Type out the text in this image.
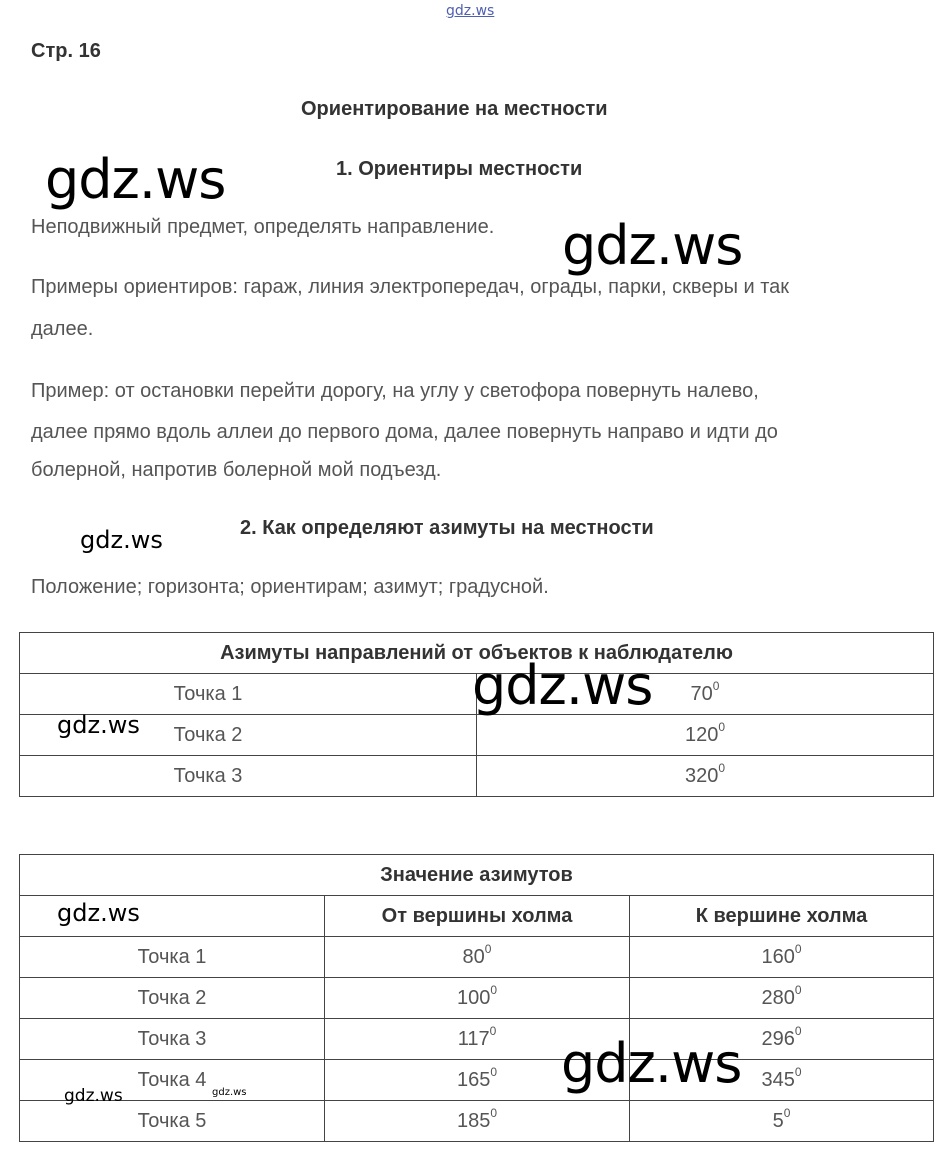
gdz.ws
Стр. 16
Ориентирование на местности
1. Ориентиры местности
Неподвижный предмет, определять направление.
Примеры ориентиров: гараж, линия электропередач, ограды, парки, скверы и так
далее.
Пример: от остановки перейти дорогу, на углу у светофора повернуть налево,
далее прямо вдоль аллеи до первого дома, далее повернуть направо и идти до
болерной, напротив болерной мой подъезд.
2. Как определяют азимуты на местности
Положение; горизонта; ориентирам; азимут; градусной.
Азимуты направлений от объектов к наблюдателю	
Точка 1	$70^0$
Точка 2	$120^0$
Точка 3	$320^0$
Значение азимутов		
	От вершины холма	К вершине холма
Точка 1	$80^0$	$160^0$
Точка 2	$100^0$	$280^0$
Точка 3	$117^0$	$296^0$
Точка 4	$165^0$	$345^0$
Точка 5	$185^0$	$5^0$
gdz.ws
gdz.ws
gdz.ws
gdz.ws
gdz.ws
gdz.ws
gdz.ws
gdz.ws	gdz.ws
